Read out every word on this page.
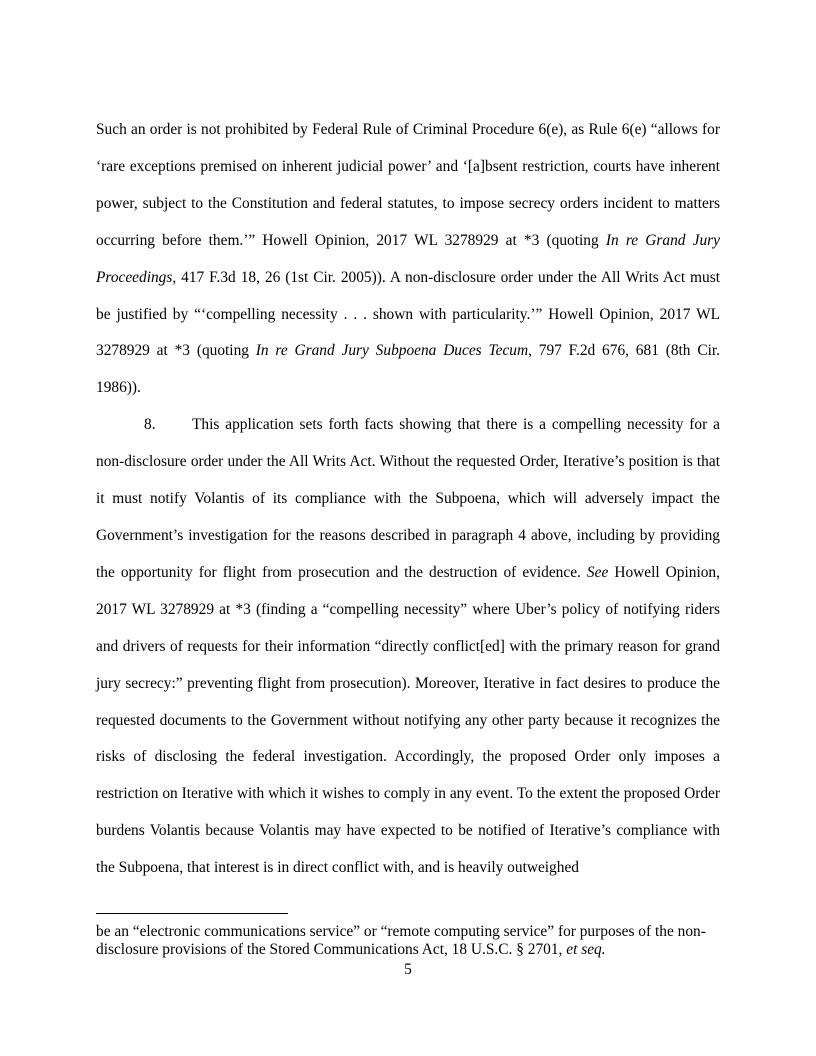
Such an order is not prohibited by Federal Rule of Criminal Procedure 6(e), as Rule 6(e) “allows for ‘rare exceptions premised on inherent judicial power’ and ‘[a]bsent restriction, courts have inherent power, subject to the Constitution and federal statutes, to impose secrecy orders incident to matters occurring before them.’” Howell Opinion, 2017 WL 3278929 at *3 (quoting In re Grand Jury Proceedings, 417 F.3d 18, 26 (1st Cir. 2005)). A non-disclosure order under the All Writs Act must be justified by “‘compelling necessity . . . shown with particularity.’” Howell Opinion, 2017 WL 3278929 at *3 (quoting In re Grand Jury Subpoena Duces Tecum, 797 F.2d 676, 681 (8th Cir. 1986)).

8. This application sets forth facts showing that there is a compelling necessity for a non-disclosure order under the All Writs Act. Without the requested Order, Iterative’s position is that it must notify Volantis of its compliance with the Subpoena, which will adversely impact the Government’s investigation for the reasons described in paragraph 4 above, including by providing the opportunity for flight from prosecution and the destruction of evidence. See Howell Opinion, 2017 WL 3278929 at *3 (finding a “compelling necessity” where Uber’s policy of notifying riders and drivers of requests for their information “directly conflict[ed] with the primary reason for grand jury secrecy:” preventing flight from prosecution). Moreover, Iterative in fact desires to produce the requested documents to the Government without notifying any other party because it recognizes the risks of disclosing the federal investigation. Accordingly, the proposed Order only imposes a restriction on Iterative with which it wishes to comply in any event. To the extent the proposed Order burdens Volantis because Volantis may have expected to be notified of Iterative’s compliance with the Subpoena, that interest is in direct conflict with, and is heavily outweighed

be an “electronic communications service” or “remote computing service” for purposes of the non-disclosure provisions of the Stored Communications Act, 18 U.S.C. § 2701, et seq.

5
